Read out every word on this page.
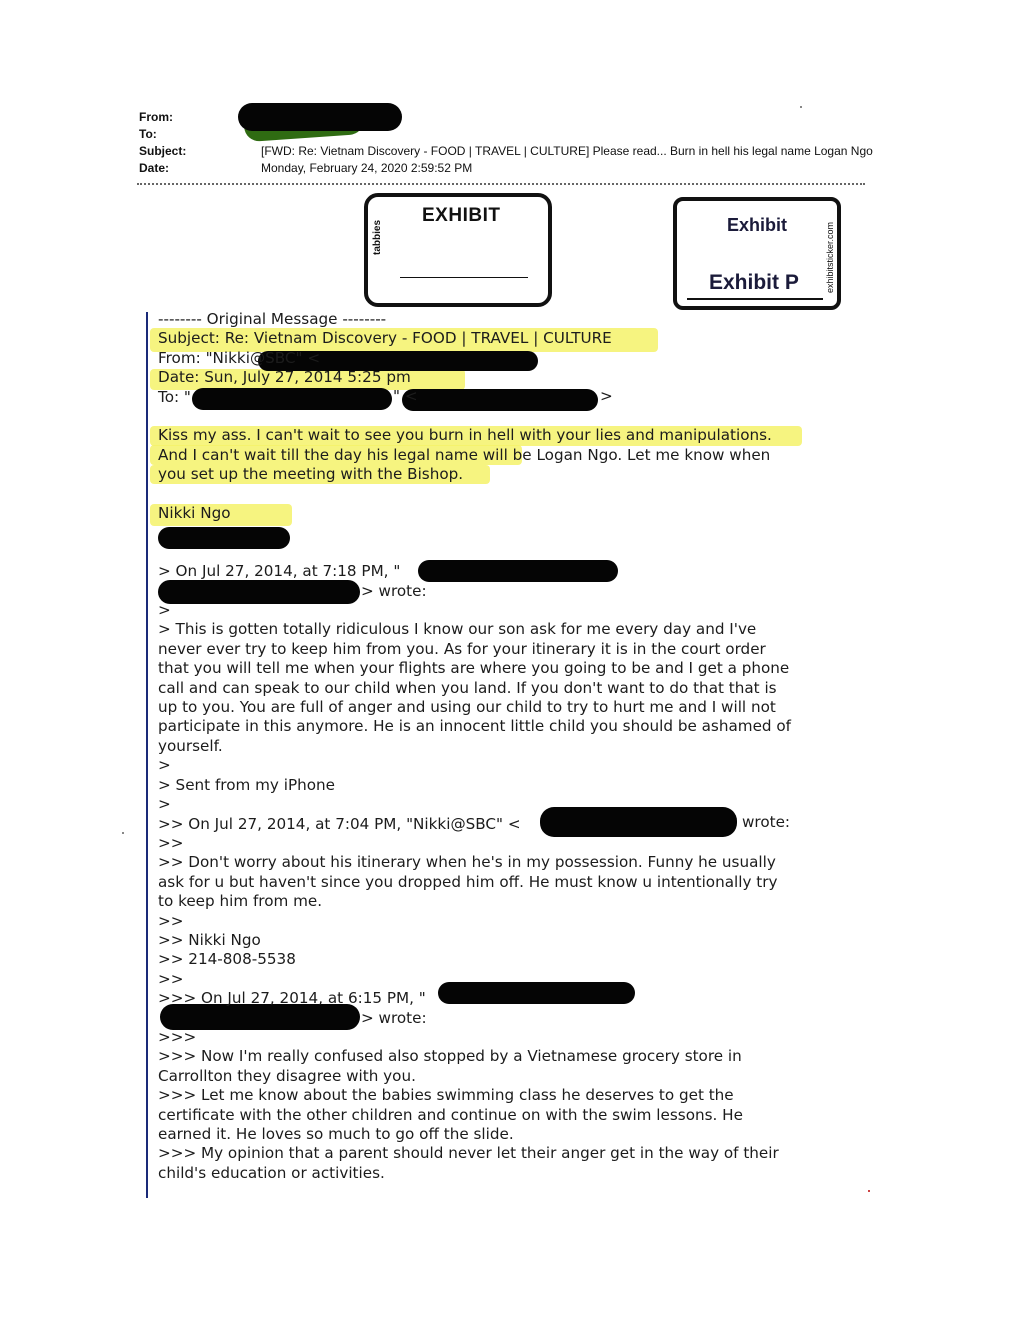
From:
To:
Subject:	[FWD: Re: Vietnam Discovery - FOOD | TRAVEL | CULTURE] Please read... Burn in hell his legal name Logan Ngo
Date:	Monday, February 24, 2020 2:59:52 PM
EXHIBIT
tabbies	Exhibit
Exhibit P	exhibitsticker.com
-------- Original Message --------
Subject: Re: Vietnam Discovery - FOOD | TRAVEL | CULTURE
From: "Nikki@SBC" <
Date: Sun, July 27, 2014 5:25 pm
To: "
Kiss my ass. I can't wait to see you burn in hell with your lies and manipulations.
And I can't wait till the day his legal name will be Logan Ngo. Let me know when
you set up the meeting with the Bishop.
Nikki Ngo
> On Jul 27, 2014, at 7:18 PM, "
> wrote:
>
> This is gotten totally ridiculous I know our son ask for me every day and I've
never ever try to keep him from you. As for your itinerary it is in the court order
that you will tell me when your flights are where you going to be and I get a phone
call and can speak to our child when you land. If you don't want to do that that is
up to you. You are full of anger and using our child to try to hurt me and I will not
participate in this anymore. He is an innocent little child you should be ashamed of
yourself.
>
> Sent from my iPhone
>
>> On Jul 27, 2014, at 7:04 PM, "Nikki@SBC" <
>>
>> Don't worry about his itinerary when he's in my possession. Funny he usually
ask for u but haven't since you dropped him off. He must know u intentionally try
to keep him from me.
>>
>> Nikki Ngo
>> 214-808-5538
>>
>>> On Jul 27, 2014, at 6:15 PM, "
> wrote:
>>>
>>> Now I'm really confused also stopped by a Vietnamese grocery store in
Carrollton they disagree with you.
>>> Let me know about the babies swimming class he deserves to get the
certificate with the other children and continue on with the swim lessons. He
earned it. He loves so much to go off the slide.
>>> My opinion that a parent should never let their anger get in the way of their
child's education or activities.
" <	>
wrote:
